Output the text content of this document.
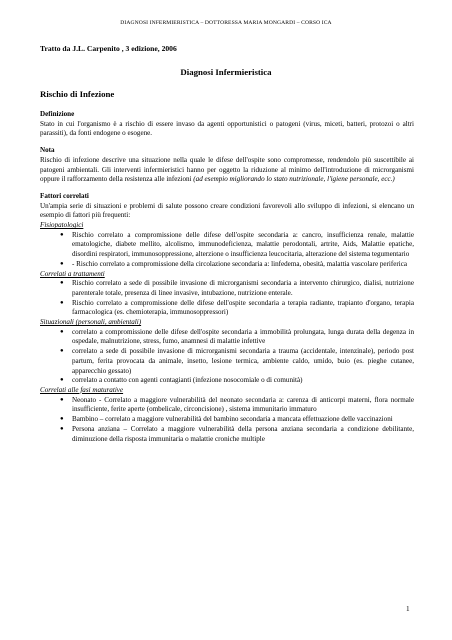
DIAGNOSI INFERMIERISTICA – DOTTORESSA MARIA MONGARDI – CORSO ICA
Tratto da J.L. Carpenito , 3 edizione, 2006
Diagnosi Infermieristica
Rischio di Infezione

Definizione

Stato in cui l'organismo è a rischio di essere invaso da agenti opportunistici o patogeni (virus, miceti, batteri, protozoi o altri parassiti), da fonti endogene o esogene.

Nota

Rischio di infezione descrive una situazione nella quale le difese dell'ospite sono compromesse, rendendolo più suscettibile ai patogeni ambientali. Gli interventi infermieristici hanno per oggetto la riduzione al minimo dell'introduzione di microrganismi oppure il rafforzamento della resistenza alle infezioni (ad esempio migliorando lo stato nutrizionale, l'igiene personale, ecc.)

Fattori correlati

Un'ampia serie di situazioni e problemi di salute possono creare condizioni favorevoli allo sviluppo di infezioni, si elencano un esempio di fattori più frequenti:

Fisiopatologici

● Rischio correlato a compromissione delle difese dell'ospite secondaria a: cancro, insufficienza renale, malattie ematologiche, diabete mellito, alcolismo, immunodeficienza, malattie perodontali, artrite, Aids, Malattie epatiche, disordini respiratori, immunosoppressione, alterzione o insufficienza leucocitaria, alterazione del sistema tegumentario
● - Rischio correlato a compromissione della circolazione secondaria a: linfedema, obesità, malattia vascolare periferica

Correlati a trattamenti

● Rischio correlato a sede di possibile invasione di microrganismi secondaria a intervento chirurgico, dialisi, nutrizione parenterale totale, presenza di linee invasive, intubazione, nutrizione enterale.
● Rischio correlato a compromissione delle difese dell'ospite secondaria a terapia radiante, trapianto d'organo, terapia farmacologica (es. chemioterapia, immunosoppressori)

Situazionali (personali, ambientali)

● correlato a compromissione delle difese dell'ospite secondaria a immobilità prolungata, lunga durata della degenza in ospedale, malnutrizione, stress, fumo, anamnesi di malattie infettive
● correlato a sede di possibile invasione di microrganismi secondaria a trauma (accidentale, intenzinale), periodo post partum, ferita provocata da animale, insetto, lesione termica, ambiente caldo, umido, buio (es. pieghe cutanee, apparecchio gessato)
● correlato a contatto con agenti contagianti (infezione nosocomiale o di comunità)

Correlati alle fasi maturative

● Neonato - Correlato a maggiore vulnerabilità del neonato secondaria a: carenza di anticorpi materni, flora normale insufficiente, ferite aperte (ombelicale, circoncisione) , sistema immunitario immaturo
● Bambino – correlato a maggiore vulnerabilità del bambino secondaria a mancata effettuazione delle vaccinazioni
● Persona anziana – Correlato a maggiore vulnerabilità della persona anziana secondaria a condizione debilitante, diminuzione della risposta immunitaria o malattie croniche multiple
1
